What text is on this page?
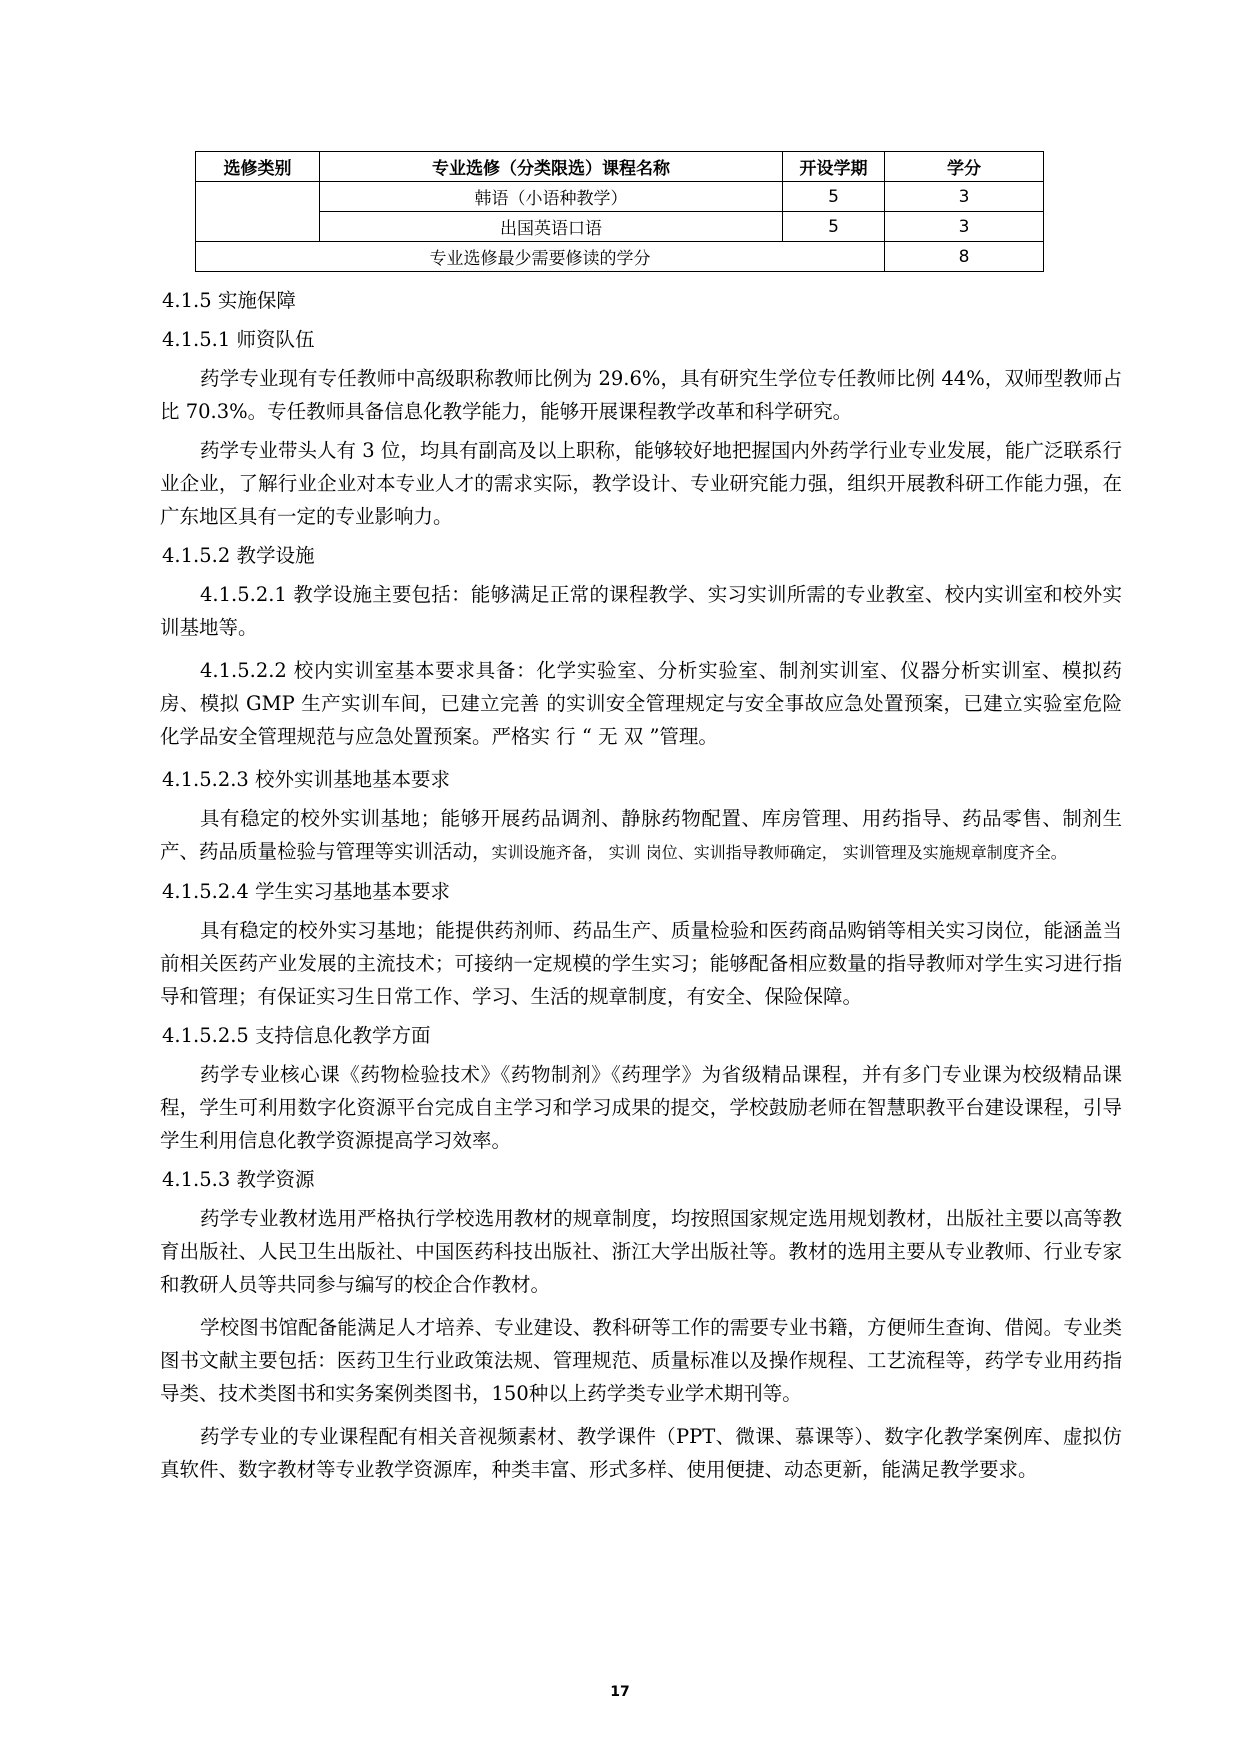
选修类别	专业选修（分类限选）课程名称	开设学期	学分
	韩语（小语种教学）	5	3
	出国英语口语	5	3
专业选修最少需要修读的学分			8
4.1.5 实施保障
4.1.5.1 师资队伍
药学专业现有专任教师中高级职称教师比例为 29.6%，具有研究生学位专任教师比例 44%，双师型教师占比 70.3%。专任教师具备信息化教学能力，能够开展课程教学改革和科学研究。
药学专业带头人有 3 位，均具有副高及以上职称，能够较好地把握国内外药学行业专业发展，能广泛联系行业企业，了解行业企业对本专业人才的需求实际，教学设计、专业研究能力强，组织开展教科研工作能力强，在广东地区具有一定的专业影响力。
4.1.5.2 教学设施
4.1.5.2.1 教学设施主要包括：能够满足正常的课程教学、实习实训所需的专业教室、校内实训室和校外实训基地等。
4.1.5.2.2 校内实训室基本要求具备：化学实验室、分析实验室、制剂实训室、仪器分析实训室、模拟药房、模拟 GMP 生产实训车间，已建立完善 的实训安全管理规定与安全事故应急处置预案，已建立实验室危险化学品安全管理规范与应急处置预案。严格实 行 “ 无 双 ”管理。
4.1.5.2.3 校外实训基地基本要求
具有稳定的校外实训基地；能够开展药品调剂、静脉药物配置、库房管理、用药指导、药品零售、制剂生产、药品质量检验与管理等实训活动，实训设施齐备， 实训 岗位、实训指导教师确定， 实训管理及实施规章制度齐全。
4.1.5.2.4 学生实习基地基本要求
具有稳定的校外实习基地；能提供药剂师、药品生产、质量检验和医药商品购销等相关实习岗位，能涵盖当前相关医药产业发展的主流技术；可接纳一定规模的学生实习；能够配备相应数量的指导教师对学生实习进行指导和管理；有保证实习生日常工作、学习、生活的规章制度，有安全、保险保障。
4.1.5.2.5 支持信息化教学方面
药学专业核心课《药物检验技术》《药物制剂》《药理学》为省级精品课程，并有多门专业课为校级精品课程，学生可利用数字化资源平台完成自主学习和学习成果的提交，学校鼓励老师在智慧职教平台建设课程，引导学生利用信息化教学资源提高学习效率。
4.1.5.3 教学资源
药学专业教材选用严格执行学校选用教材的规章制度，均按照国家规定选用规划教材，出版社主要以高等教育出版社、人民卫生出版社、中国医药科技出版社、浙江大学出版社等。教材的选用主要从专业教师、行业专家和教研人员等共同参与编写的校企合作教材。
学校图书馆配备能满足人才培养、专业建设、教科研等工作的需要专业书籍，方便师生查询、借阅。专业类图书文献主要包括：医药卫生行业政策法规、管理规范、质量标准以及操作规程、工艺流程等，药学专业用药指导类、技术类图书和实务案例类图书，150种以上药学类专业学术期刊等。
药学专业的专业课程配有相关音视频素材、教学课件（PPT、微课、慕课等）、数字化教学案例库、虚拟仿真软件、数字教材等专业教学资源库，种类丰富、形式多样、使用便捷、动态更新，能满足教学要求。
17
